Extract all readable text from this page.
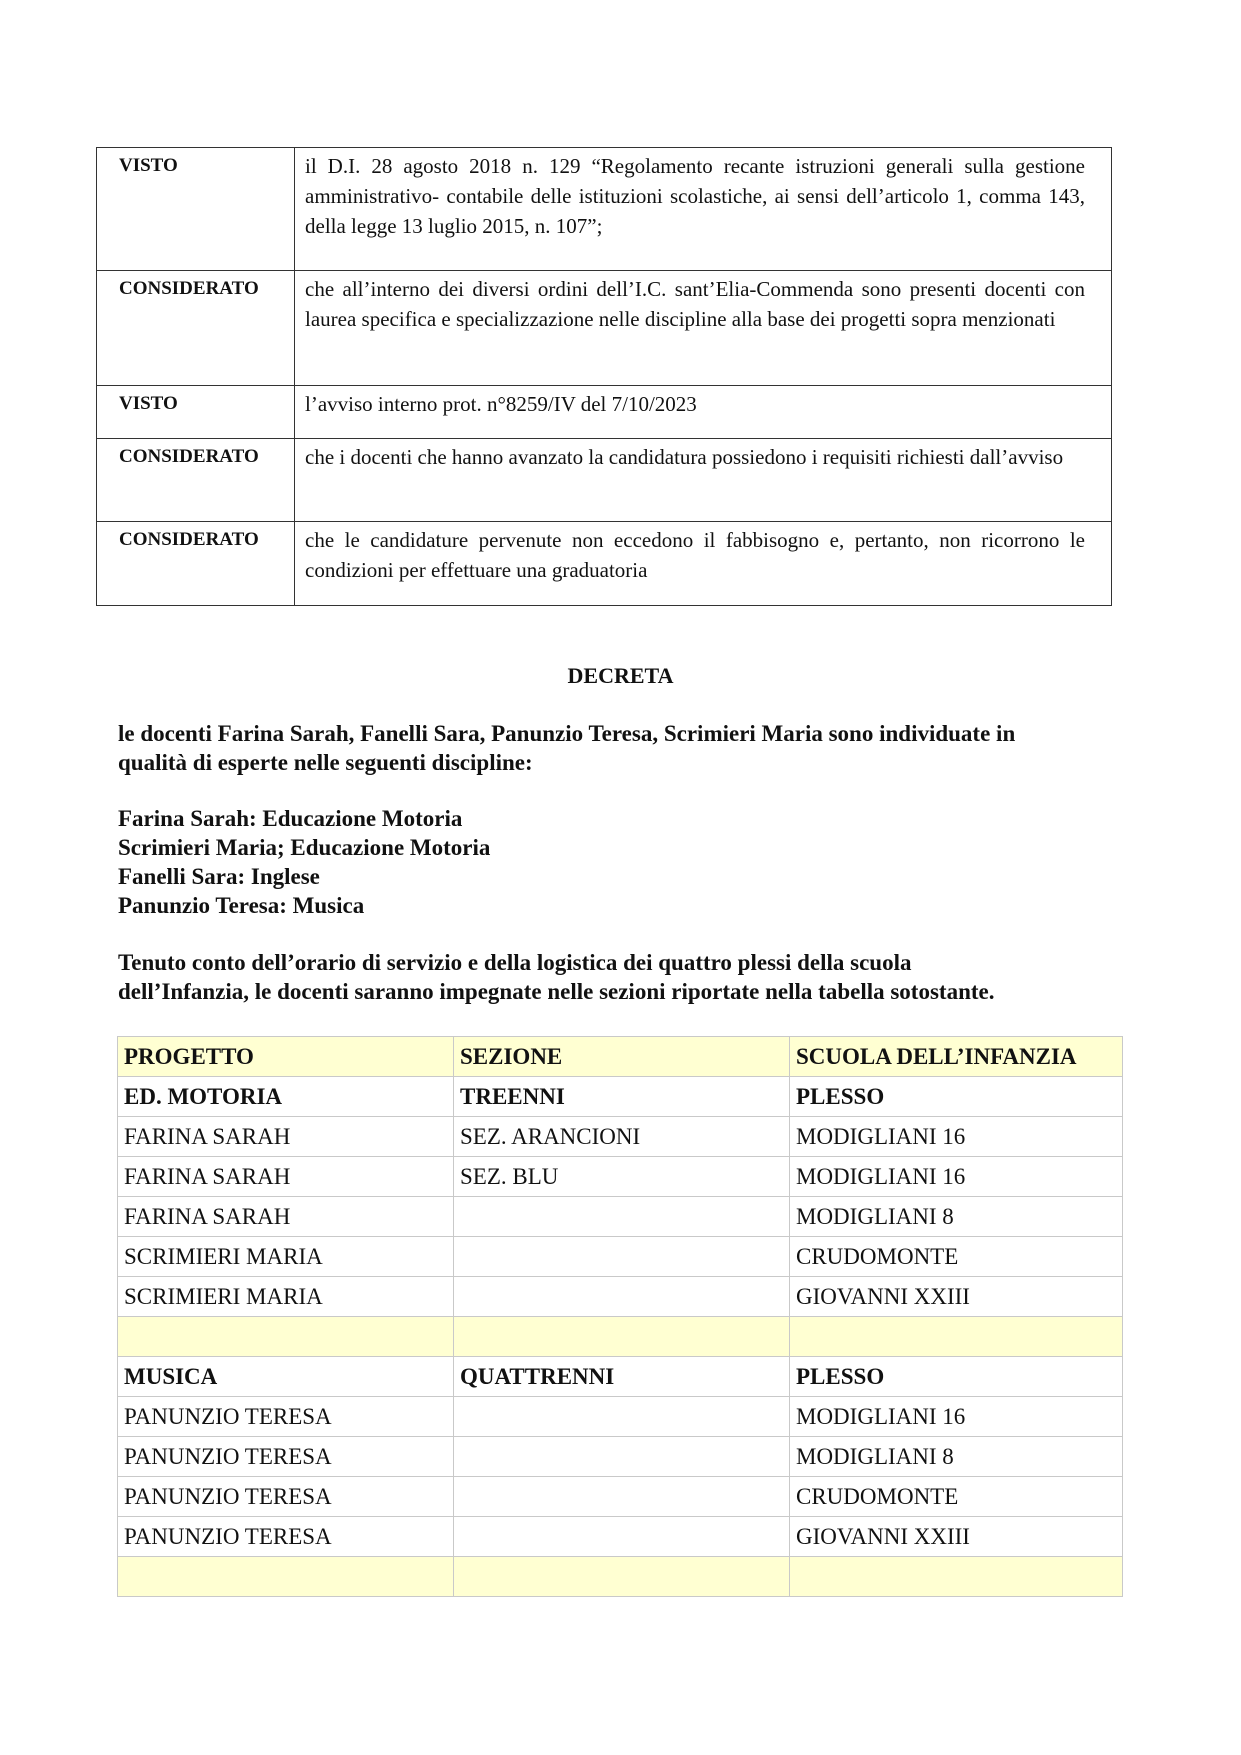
VISTO	il D.I. 28 agosto 2018 n. 129 “Regolamento recante istruzioni generali sulla gestione amministrativo- contabile delle istituzioni scolastiche, ai sensi dell’articolo 1, comma 143, della legge 13 luglio 2015, n. 107”;
CONSIDERATO	che all’interno dei diversi ordini dell’I.C. sant’Elia-Commenda sono presenti docenti con laurea specifica e specializzazione nelle discipline alla base dei progetti sopra menzionati
VISTO	l’avviso interno prot. n°8259/IV del 7/10/2023
CONSIDERATO	che i docenti che hanno avanzato la candidatura possiedono i requisiti richiesti dall’avviso
CONSIDERATO	che le candidature pervenute non eccedono il fabbisogno e, pertanto, non ricorrono le condizioni per effettuare una graduatoria
DECRETA

le docenti Farina Sarah, Fanelli Sara, Panunzio Teresa, Scrimieri Maria sono individuate in
qualità di esperte nelle seguenti discipline:

Farina Sarah: Educazione Motoria
Scrimieri Maria; Educazione Motoria
Fanelli Sara: Inglese
Panunzio Teresa: Musica

Tenuto conto dell’orario di servizio e della logistica dei quattro plessi della scuola
dell’Infanzia, le docenti saranno impegnate nelle sezioni riportate nella tabella sotostante.

PROGETTO	SEZIONE	SCUOLA DELL’INFANZIA
ED. MOTORIA	TREENNI	PLESSO
FARINA SARAH	SEZ. ARANCIONI	MODIGLIANI 16
FARINA SARAH	SEZ. BLU	MODIGLIANI 16
FARINA SARAH		MODIGLIANI 8
SCRIMIERI MARIA		CRUDOMONTE
SCRIMIERI MARIA		GIOVANNI XXIII

MUSICA	QUATTRENNI	PLESSO
PANUNZIO TERESA		MODIGLIANI 16
PANUNZIO TERESA		MODIGLIANI 8
PANUNZIO TERESA		CRUDOMONTE
PANUNZIO TERESA		GIOVANNI XXIII
